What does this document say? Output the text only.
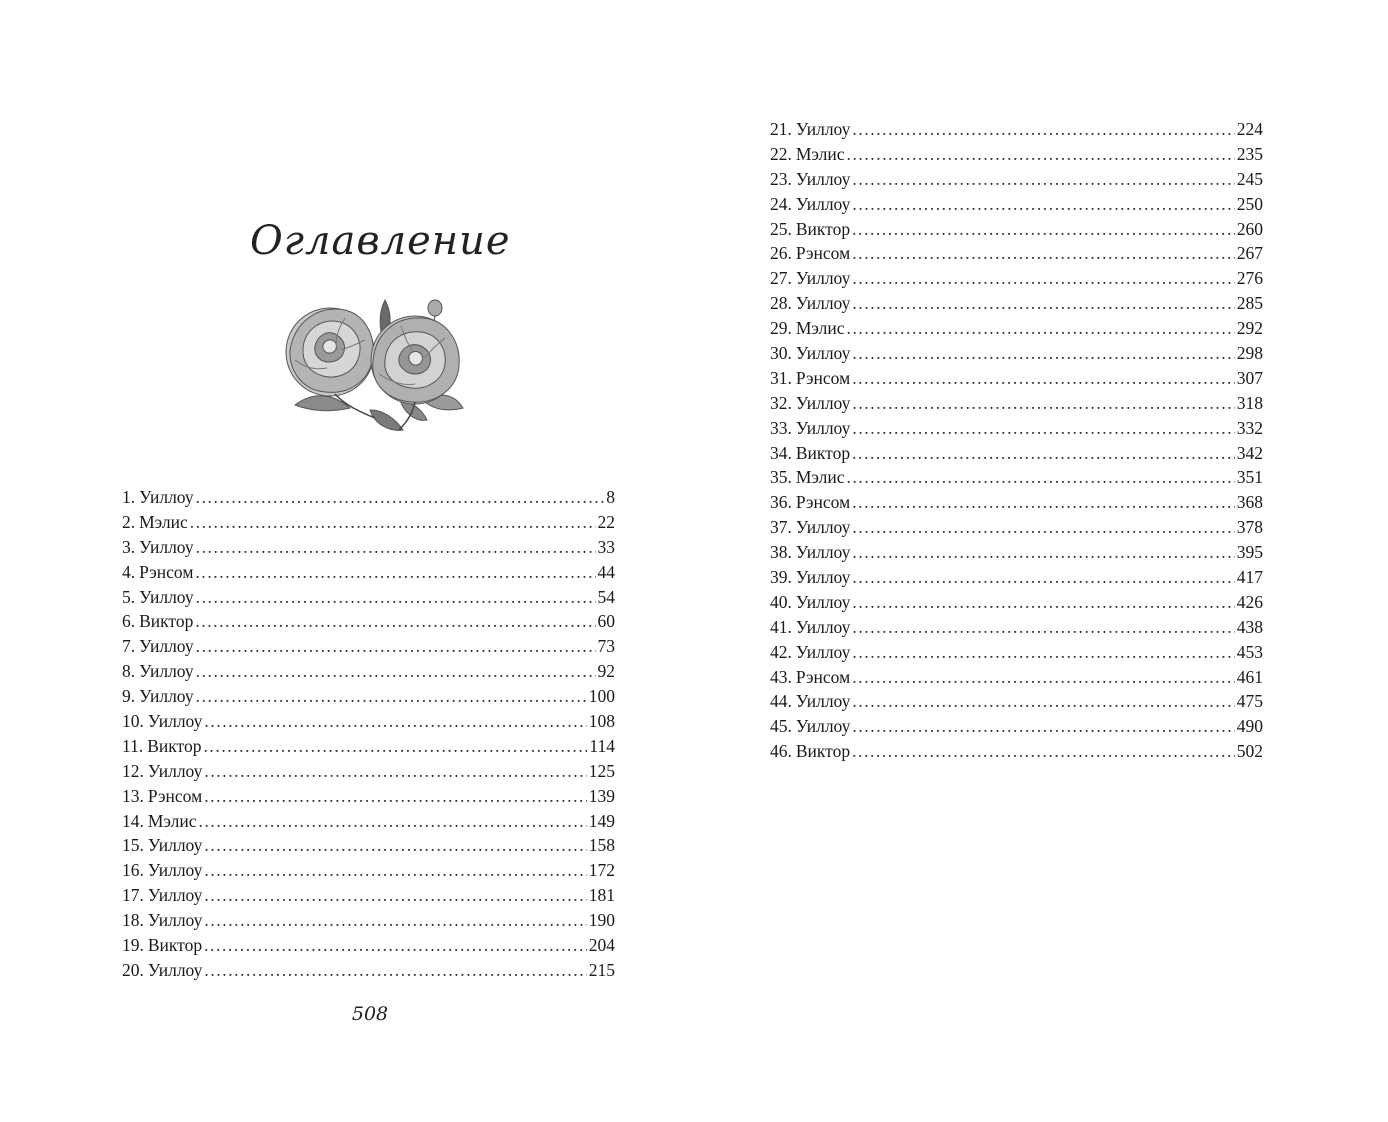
Оглавление
1. Уиллоу . . .	8
2. Мэлис . . .	22
3. Уиллоу . . .	33
4. Рэнсом . . .	44
5. Уиллоу . . .	54
6. Виктор . . .	60
7. Уиллоу . . .	73
8. Уиллоу . . .	92
9. Уиллоу . . .	100
10. Уиллоу . . .	108
11. Виктор . . .	114
12. Уиллоу . . .	125
13. Рэнсом . . .	139
14. Мэлис . . .	149
15. Уиллоу . . .	158
16. Уиллоу . . .	172
17. Уиллоу . . .	181
18. Уиллоу . . .	190
19. Виктор . . .	204
20. Уиллоу . . .	215
21. Уиллоу . . .	224
22. Мэлис . . .	235
23. Уиллоу . . .	245
24. Уиллоу . . .	250
25. Виктор . . .	260
26. Рэнсом . . .	267
27. Уиллоу . . .	276
28. Уиллоу . . .	285
29. Мэлис . . .	292
30. Уиллоу . . .	298
31. Рэнсом . . .	307
32. Уиллоу . . .	318
33. Уиллоу . . .	332
34. Виктор . . .	342
35. Мэлис . . .	351
36. Рэнсом . . .	368
37. Уиллоу . . .	378
38. Уиллоу . . .	395
39. Уиллоу . . .	417
40. Уиллоу . . .	426
41. Уиллоу . . .	438
42. Уиллоу . . .	453
43. Рэнсом . . .	461
44. Уиллоу . . .	475
45. Уиллоу . . .	490
46. Виктор . . .	502
508
